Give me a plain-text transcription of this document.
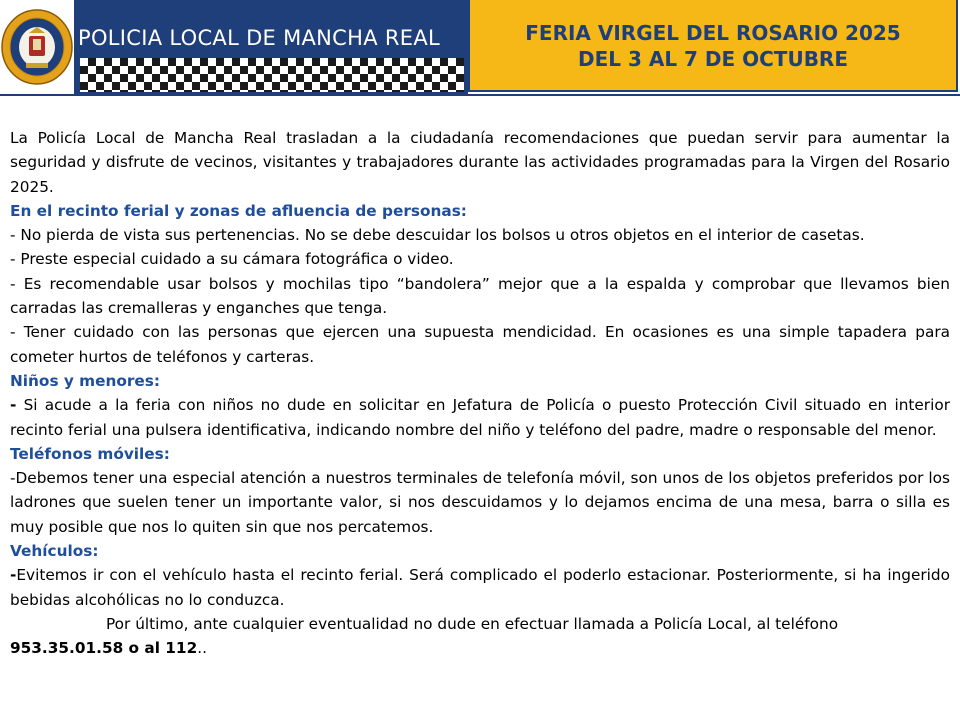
POLICIA LOCAL DE MANCHA REAL	FERIA VIRGEL DEL ROSARIO 2025
DEL 3 AL 7 DE OCTUBRE

La Policía Local de Mancha Real trasladan a la ciudadanía recomendaciones que puedan servir para aumentar la seguridad y disfrute de vecinos, visitantes y trabajadores durante las actividades programadas para la Virgen del Rosario 2025.

En el recinto ferial y zonas de afluencia de personas:

- No pierda de vista sus pertenencias. No se debe descuidar los bolsos u otros objetos en el interior de casetas.

- Preste especial cuidado a su cámara fotográfica o video.

- Es recomendable usar bolsos y mochilas tipo “bandolera” mejor que a la espalda y comprobar que llevamos bien carradas las cremalleras y enganches que tenga.

- Tener cuidado con las personas que ejercen una supuesta mendicidad. En ocasiones es una simple tapadera para cometer hurtos de teléfonos y carteras.

Niños y menores:

- Si acude a la feria con niños no dude en solicitar en Jefatura de Policía o puesto Protección Civil situado en interior recinto ferial una pulsera identificativa, indicando nombre del niño y teléfono del padre, madre o responsable del menor.

Teléfonos móviles:

-Debemos tener una especial atención a nuestros terminales de telefonía móvil, son unos de los objetos preferidos por los ladrones que suelen tener un importante valor, si nos descuidamos y lo dejamos encima de una mesa, barra o silla es muy posible que nos lo quiten sin que nos percatemos.

Vehículos:

-Evitemos ir con el vehículo hasta el recinto ferial. Será complicado el poderlo estacionar. Posteriormente, si ha ingerido bebidas alcohólicas no lo conduzca.

Por último, ante cualquier eventualidad no dude en efectuar llamada a Policía Local, al teléfono

953.35.01.58 o al 112..
